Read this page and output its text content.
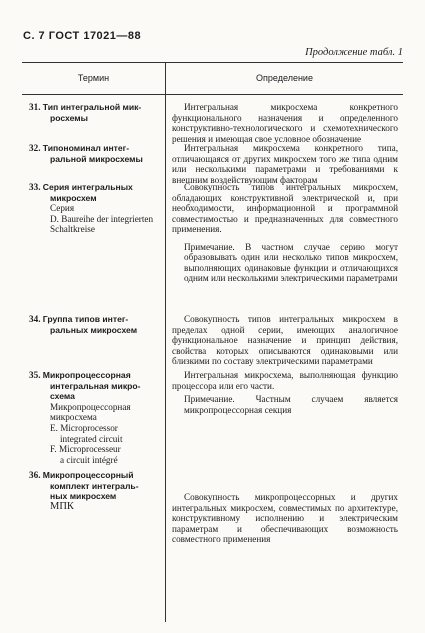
С. 7 ГОСТ 17021—88
Продолжение табл. 1
Термин	Определение
31. Тип интегральной мик-
росхемы

Интегральная микросхема конкретного функционального назначения и определенного конструктивно-технологического и схемотехнического решения и имеющая свое условное обозначение

32. Типономинал интег-
ральной микросхемы

Интегральная микросхема конкретного типа, отличающаяся от других микросхем того же типа одним или несколькими параметрами и требованиями к внешним воздействующим факторам

33. Серия интегральных
микросхем
Серия
D. Baureihe der integrierten Schaltkreise

Совокупность типов интегральных микросхем, обладающих конструктивной электрической и, при необходимости, информационной и программной совместимостью и предназначенных для совместного применения.

Примечание. В частном случае серию могут образовывать один или несколько типов микросхем, выполняющих одинаковые функции и отличающихся одним или несколькими электрическими параметрами

34. Группа типов интег-
ральных микросхем

Совокупность типов интегральных микросхем в пределах одной серии, имеющих аналогичное функциональное назначение и принцип действия, свойства которых описываются одинаковыми или близкими по составу электрическими параметрами

35. Микропроцессорная
интегральная микро-
схема
Микропроцессорная
микросхема
E. Microprocessor
integrated circuit
F. Microprocesseur
a circuit intégré

Интегральная микросхема, выполняющая функцию процессора или его части.

Примечание. Частным случаем является микропроцессорная секция

36. Микропроцессорный
комплект интеграль-
ных микросхем
МПК

Совокупность микропроцессорных и других интегральных микросхем, совместимых по архитектуре, конструктивному исполнению и электрическим параметрам и обеспечивающих возможность совместного применения
